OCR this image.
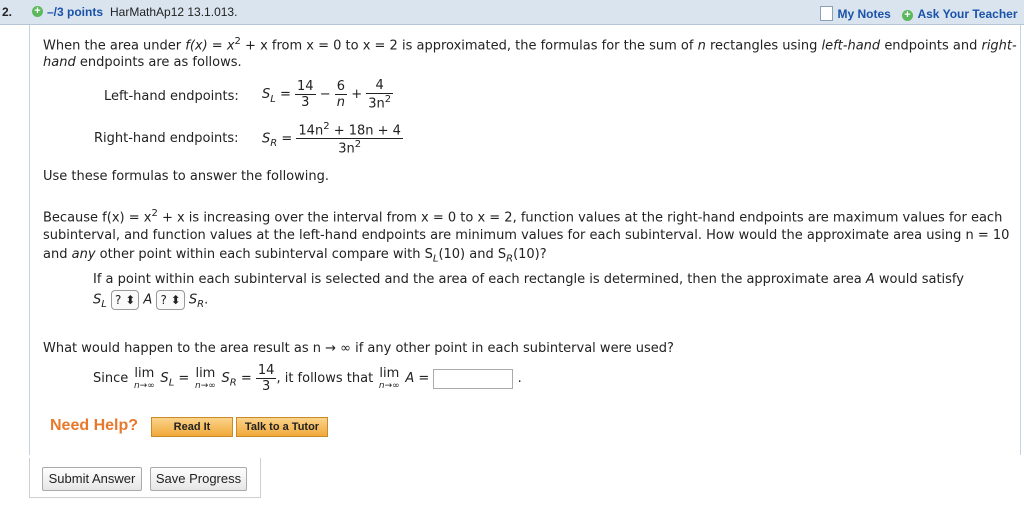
2. + –/3 points HarMathAp12 13.1.013.	My Notes + Ask Your Teacher
When the area under $f(x) = x^2 + x$ from x = 0 to x = 2 is approximated, the formulas for the sum of n rectangles using left-hand endpoints and right-
hand endpoints are as follows.
Left-hand endpoints: $S_L = \frac{14}{3} - \frac{6}{n} + \frac{4}{3n^2}$
Right-hand endpoints: $S_R = \frac{14n^2 + 18n + 4}{3n^2}$
Use these formulas to answer the following.
Because $f(x) = x^2 + x$ is increasing over the interval from x = 0 to x = 2, function values at the right-hand endpoints are maximum values for each
subinterval, and function values at the left-hand endpoints are minimum values for each subinterval. How would the approximate area using n = 10
and any other point within each subinterval compare with $S_L(10)$ and $S_R(10)$?
If a point within each subinterval is selected and the area of each rectangle is determined, then the approximate area A would satisfy
$S_L$ ? ⬍ A ? ⬍ $S_R$.
What would happen to the area result as n → ∞ if any other point in each subinterval were used?
Since lim
n→∞ $S_L = \lim$
n→∞ $S_R = \frac{14}{3}$ , it follows that lim
n→∞ A =	.
Need Help?	Read It	Talk to a Tutor
Submit Answer	Save Progress
